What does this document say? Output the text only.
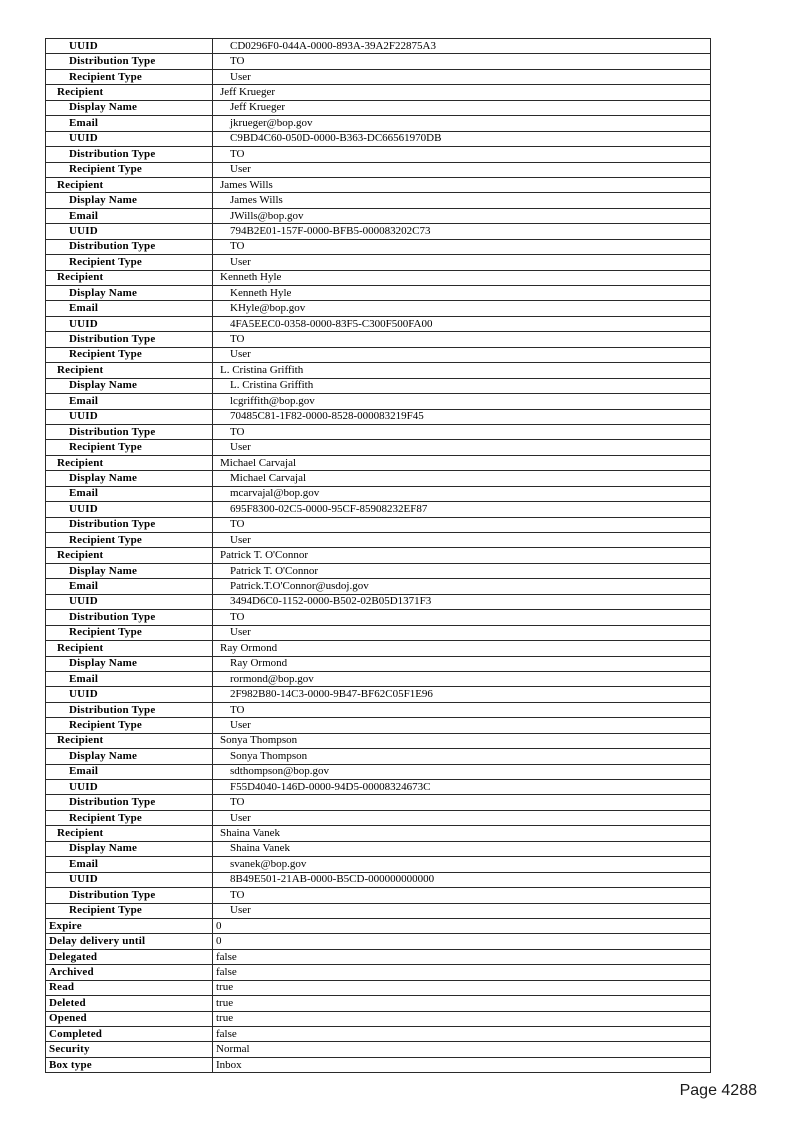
UUID	CD0296F0-044A-0000-893A-39A2F22875A3
Distribution Type	TO
Recipient Type	User
Recipient	Jeff Krueger
Display Name	Jeff Krueger
Email	jkrueger@bop.gov
UUID	C9BD4C60-050D-0000-B363-DC66561970DB
Distribution Type	TO
Recipient Type	User
Recipient	James Wills
Display Name	James Wills
Email	JWills@bop.gov
UUID	794B2E01-157F-0000-BFB5-000083202C73
Distribution Type	TO
Recipient Type	User
Recipient	Kenneth Hyle
Display Name	Kenneth Hyle
Email	KHyle@bop.gov
UUID	4FA5EEC0-0358-0000-83F5-C300F500FA00
Distribution Type	TO
Recipient Type	User
Recipient	L. Cristina Griffith
Display Name	L. Cristina Griffith
Email	lcgriffith@bop.gov
UUID	70485C81-1F82-0000-8528-000083219F45
Distribution Type	TO
Recipient Type	User
Recipient	Michael Carvajal
Display Name	Michael Carvajal
Email	mcarvajal@bop.gov
UUID	695F8300-02C5-0000-95CF-85908232EF87
Distribution Type	TO
Recipient Type	User
Recipient	Patrick T. O'Connor
Display Name	Patrick T. O'Connor
Email	Patrick.T.O'Connor@usdoj.gov
UUID	3494D6C0-1152-0000-B502-02B05D1371F3
Distribution Type	TO
Recipient Type	User
Recipient	Ray Ormond
Display Name	Ray Ormond
Email	rormond@bop.gov
UUID	2F982B80-14C3-0000-9B47-BF62C05F1E96
Distribution Type	TO
Recipient Type	User
Recipient	Sonya Thompson
Display Name	Sonya Thompson
Email	sdthompson@bop.gov
UUID	F55D4040-146D-0000-94D5-00008324673C
Distribution Type	TO
Recipient Type	User
Recipient	Shaina Vanek
Display Name	Shaina Vanek
Email	svanek@bop.gov
UUID	8B49E501-21AB-0000-B5CD-000000000000
Distribution Type	TO
Recipient Type	User
Expire	0
Delay delivery until	0
Delegated	false
Archived	false
Read	true
Deleted	true
Opened	true
Completed	false
Security	Normal
Box type	Inbox
Page 4288
